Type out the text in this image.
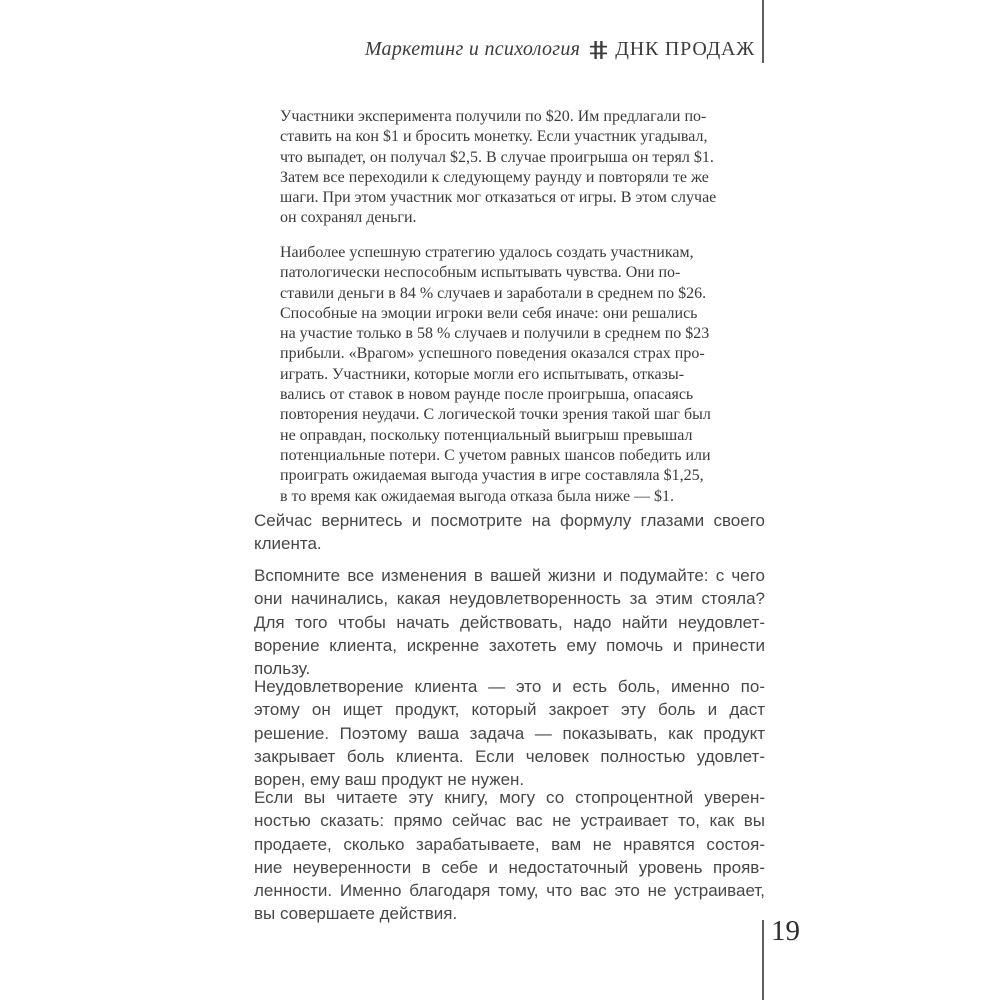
Маркетинг и психология ДНК ПРОДАЖ
Участники эксперимента получили по $20. Им предлагали по-
ставить на кон $1 и бросить монетку. Если участник угадывал,
что выпадет, он получал $2,5. В случае проигрыша он терял $1.
Затем все переходили к следующему раунду и повторяли те же
шаги. При этом участник мог отказаться от игры. В этом случае
он сохранял деньги.
Наиболее успешную стратегию удалось создать участникам,
патологически неспособным испытывать чувства. Они по-
ставили деньги в 84 % случаев и заработали в среднем по $26.
Способные на эмоции игроки вели себя иначе: они решались
на участие только в 58 % случаев и получили в среднем по $23
прибыли. «Врагом» успешного поведения оказался страх про-
играть. Участники, которые могли его испытывать, отказы-
вались от ставок в новом раунде после проигрыша, опасаясь
повторения неудачи. С логической точки зрения такой шаг был
не оправдан, поскольку потенциальный выигрыш превышал
потенциальные потери. С учетом равных шансов победить или
проиграть ожидаемая выгода участия в игре составляла $1,25,
в то время как ожидаемая выгода отказа была ниже — $1.
Сейчас вернитесь и посмотрите на формулу глазами своего
клиента.
Вспомните все изменения в вашей жизни и подумайте: с чего
они начинались, какая неудовлетворенность за этим стояла?
Для того чтобы начать действовать, надо найти неудовлет-
ворение клиента, искренне захотеть ему помочь и принести
пользу.
Неудовлетворение клиента — это и есть боль, именно по-
этому он ищет продукт, который закроет эту боль и даст
решение. Поэтому ваша задача — показывать, как продукт
закрывает боль клиента. Если человек полностью удовлет-
ворен, ему ваш продукт не нужен.
Если вы читаете эту книгу, могу со стопроцентной уверен-
ностью сказать: прямо сейчас вас не устраивает то, как вы
продаете, сколько зарабатываете, вам не нравятся состоя-
ние неуверенности в себе и недостаточный уровень прояв-
ленности. Именно благодаря тому, что вас это не устраивает,
вы совершаете действия.
19
